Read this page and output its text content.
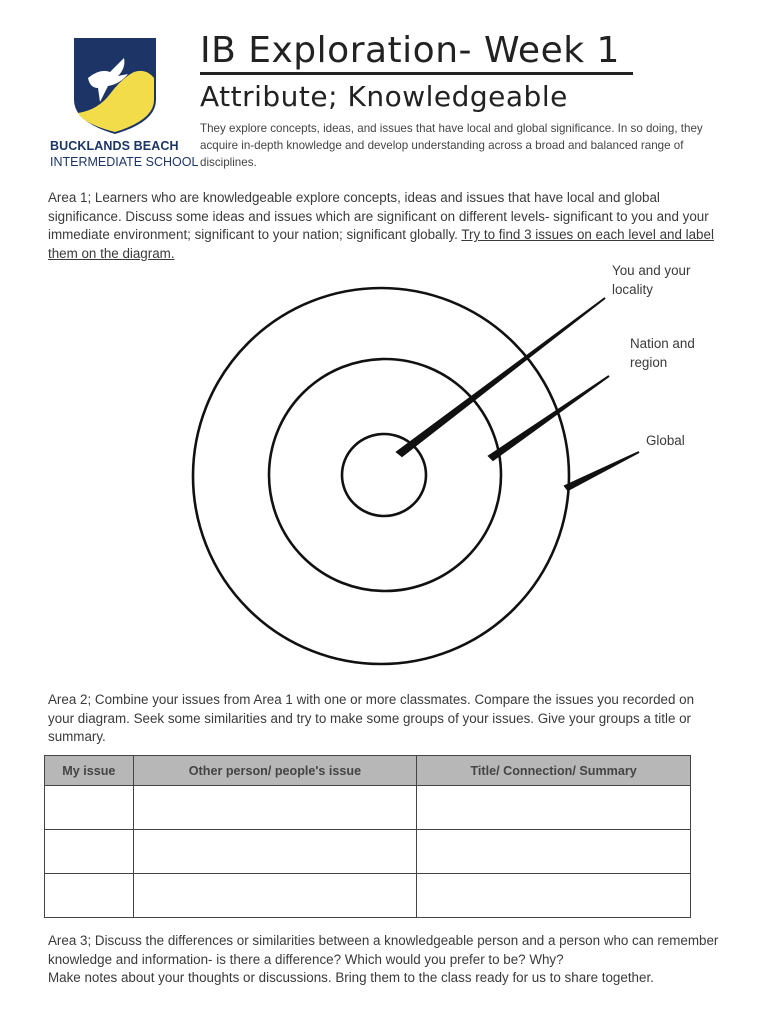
BUCKLANDS BEACH
INTERMEDIATE SCHOOL
IB Exploration- Week 1
Attribute; Knowledgeable
They explore concepts, ideas, and issues that have local and global significance. In so doing, they acquire in-depth knowledge and develop understanding across a broad and balanced range of disciplines.
Area 1; Learners who are knowledgeable explore concepts, ideas and issues that have local and global significance. Discuss some ideas and issues which are significant on different levels- significant to you and your immediate environment; significant to your nation; significant globally. Try to find 3 issues on each level and label them on the diagram.
You and your locality
Nation and region
Global
Area 2; Combine your issues from Area 1 with one or more classmates. Compare the issues you recorded on your diagram. Seek some similarities and try to make some groups of your issues. Give your groups a title or summary.
My issue	Other person/ people's issue	Title/ Connection/ Summary

Area 3; Discuss the differences or similarities between a knowledgeable person and a person who can remember knowledge and information- is there a difference? Which would you prefer to be? Why?
Make notes about your thoughts or discussions. Bring them to the class ready for us to share together.
